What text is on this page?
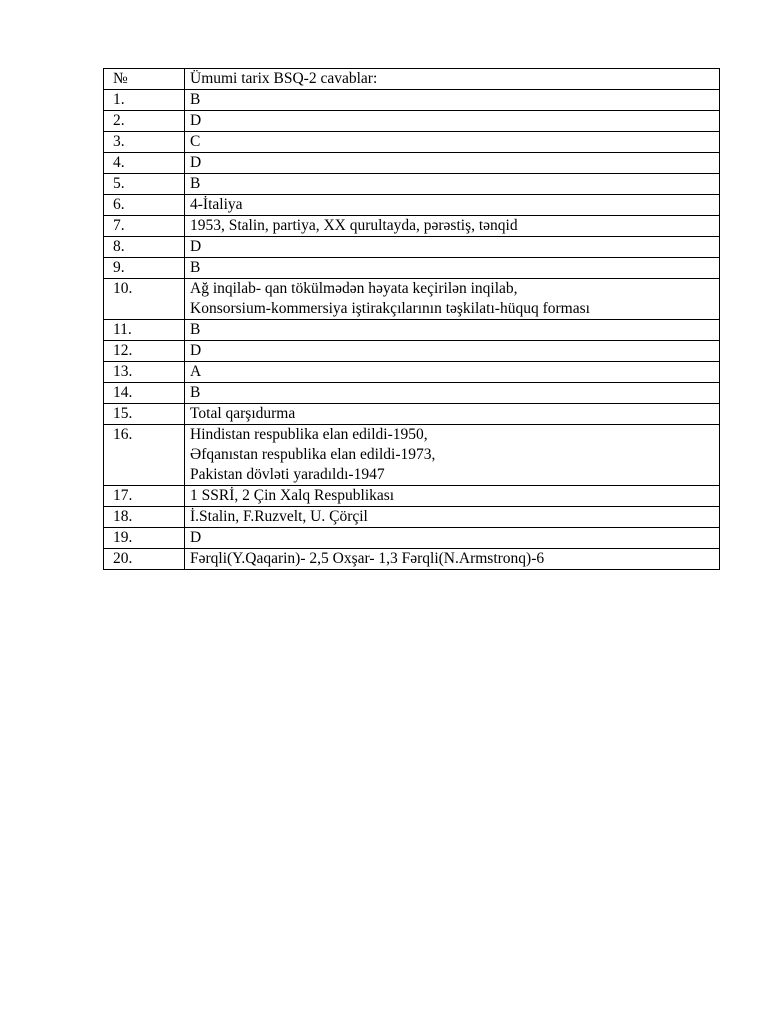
№	Ümumi tarix BSQ-2 cavablar:
1.	B

2.	D

3.	C

4.	D

5.	B

6.	4-İtaliya

7.	1953, Stalin, partiya, XX qurultayda, pərəstiş, tənqid

8.	D

9.	B

10.	Ağ inqilab- qan tökülmədən həyata keçirilən inqilab,
Konsorsium-kommersiya iştirakçılarının təşkilatı-hüquq forması

11.	B

12.	D

13.	A

14.	B

15.	Total qarşıdurma

16.	Hindistan respublika elan edildi-1950,
Əfqanıstan respublika elan edildi-1973,
Pakistan dövləti yaradıldı-1947

17.	1 SSRİ, 2 Çin Xalq Respublikası

18.	İ.Stalin, F.Ruzvelt, U. Çörçil

19.	D

20.	Fərqli(Y.Qaqarin)- 2,5 Oxşar- 1,3 Fərqli(N.Armstronq)-6
